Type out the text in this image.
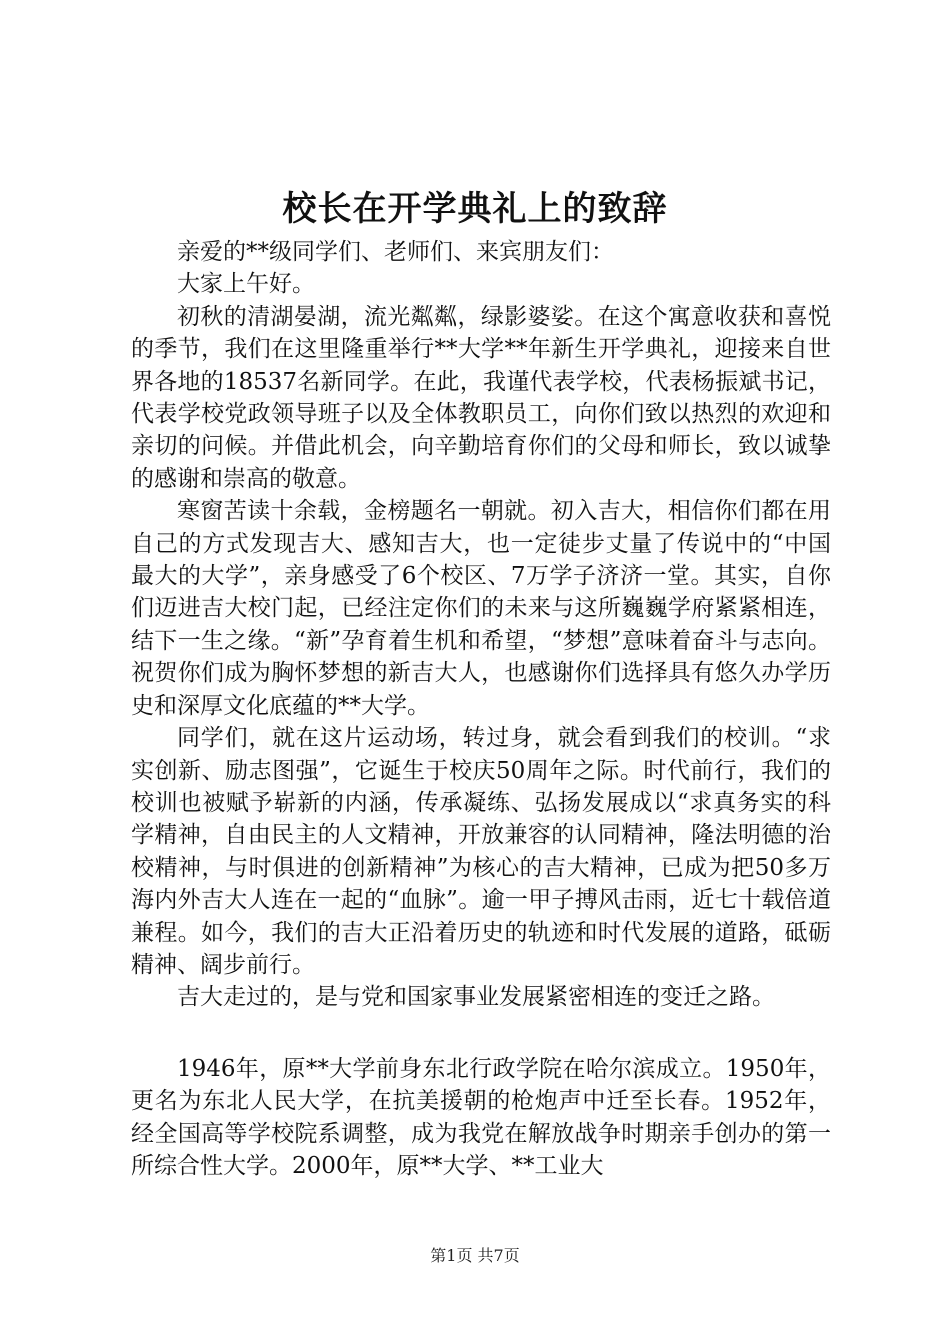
校长在开学典礼上的致辞

亲爱的**级同学们、老师们、来宾朋友们：

大家上午好。

初秋的清湖晏湖，流光粼粼，绿影婆娑。在这个寓意收获和喜悦的季节，我们在这里隆重举行**大学**年新生开学典礼，迎接来自世界各地的18537名新同学。在此，我谨代表学校，代表杨振斌书记，代表学校党政领导班子以及全体教职员工，向你们致以热烈的欢迎和亲切的问候。并借此机会，向辛勤培育你们的父母和师长，致以诚挚的感谢和崇高的敬意。

寒窗苦读十余载，金榜题名一朝就。初入吉大，相信你们都在用自己的方式发现吉大、感知吉大，也一定徒步丈量了传说中的“中国最大的大学”，亲身感受了6个校区、7万学子济济一堂。其实，自你们迈进吉大校门起，已经注定你们的未来与这所巍巍学府紧紧相连，结下一生之缘。“新”孕育着生机和希望，“梦想”意味着奋斗与志向。祝贺你们成为胸怀梦想的新吉大人，也感谢你们选择具有悠久办学历史和深厚文化底蕴的**大学。

同学们，就在这片运动场，转过身，就会看到我们的校训。“求实创新、励志图强”，它诞生于校庆50周年之际。时代前行，我们的校训也被赋予崭新的内涵，传承凝练、弘扬发展成以“求真务实的科学精神，自由民主的人文精神，开放兼容的认同精神，隆法明德的治校精神，与时俱进的创新精神”为核心的吉大精神，已成为把50多万海内外吉大人连在一起的“血脉”。逾一甲子搏风击雨，近七十载倍道兼程。如今，我们的吉大正沿着历史的轨迹和时代发展的道路，砥砺精神、阔步前行。

吉大走过的，是与党和国家事业发展紧密相连的变迁之路。

1946年，原**大学前身东北行政学院在哈尔滨成立。1950年，更名为东北人民大学，在抗美援朝的枪炮声中迁至长春。1952年，经全国高等学校院系调整，成为我党在解放战争时期亲手创办的第一所综合性大学。2000年，原**大学、**工业大

第1页 共7页
